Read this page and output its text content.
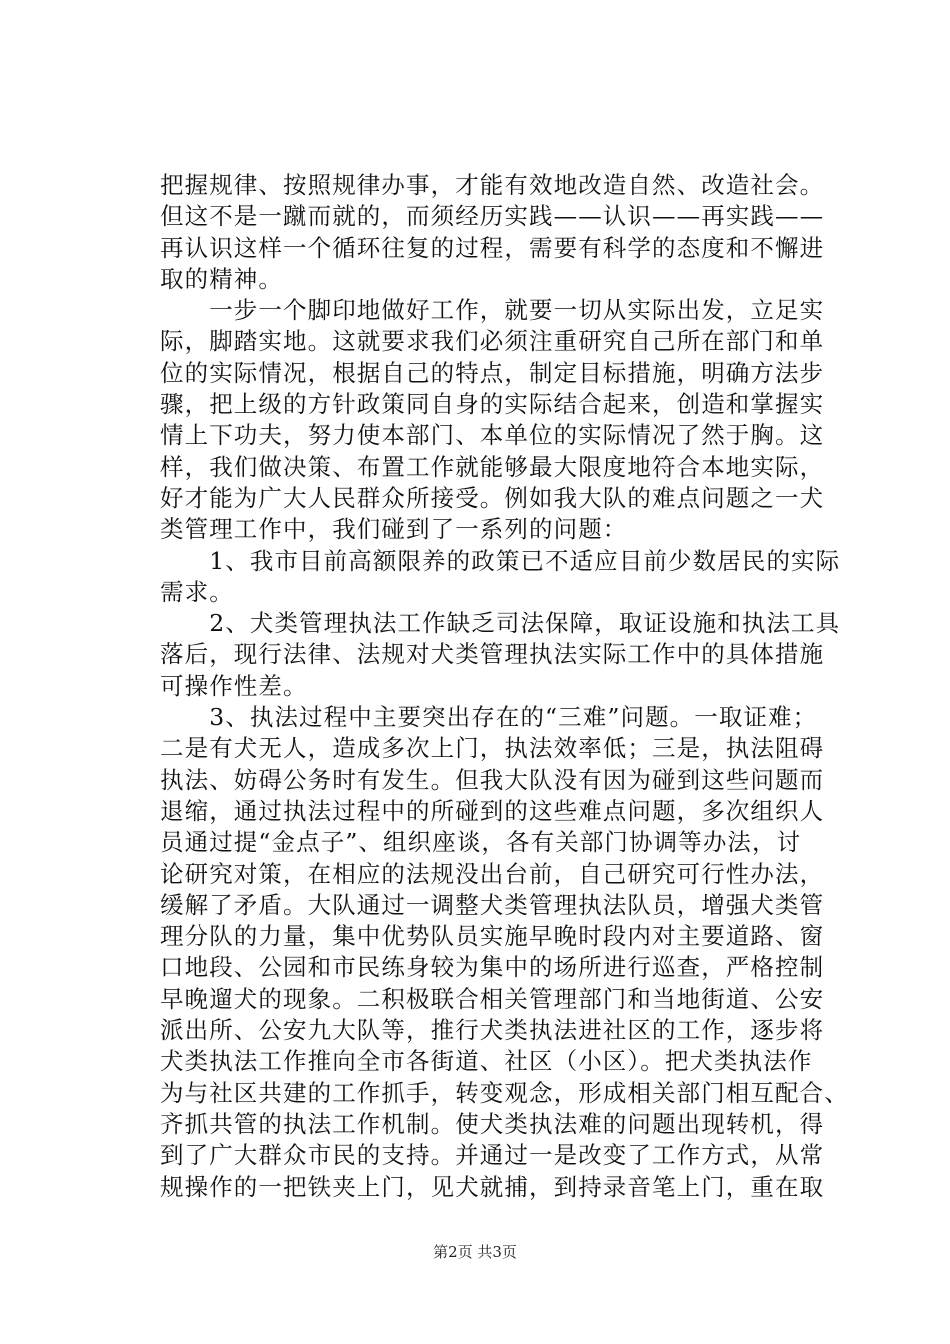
把握规律、按照规律办事，才能有效地改造自然、改造社会。
但这不是一蹴而就的，而须经历实践——认识——再实践——
再认识这样一个循环往复的过程，需要有科学的态度和不懈进
取的精神。
　　一步一个脚印地做好工作，就要一切从实际出发，立足实
际，脚踏实地。这就要求我们必须注重研究自己所在部门和单
位的实际情况，根据自己的特点，制定目标措施，明确方法步
骤，把上级的方针政策同自身的实际结合起来，创造和掌握实
情上下功夫，努力使本部门、本单位的实际情况了然于胸。这
样，我们做决策、布置工作就能够最大限度地符合本地实际，
好才能为广大人民群众所接受。例如我大队的难点问题之一犬
类管理工作中，我们碰到了一系列的问题：
　　1、我市目前高额限养的政策已不适应目前少数居民的实际
需求。
　　2、犬类管理执法工作缺乏司法保障，取证设施和执法工具
落后，现行法律、法规对犬类管理执法实际工作中的具体措施
可操作性差。
　　3、执法过程中主要突出存在的“三难”问题。一取证难；
二是有犬无人，造成多次上门，执法效率低；三是，执法阻碍
执法、妨碍公务时有发生。但我大队没有因为碰到这些问题而
退缩，通过执法过程中的所碰到的这些难点问题，多次组织人
员通过提“金点子”、组织座谈，各有关部门协调等办法，讨
论研究对策，在相应的法规没出台前，自己研究可行性办法，
缓解了矛盾。大队通过一调整犬类管理执法队员，增强犬类管
理分队的力量，集中优势队员实施早晚时段内对主要道路、窗
口地段、公园和市民练身较为集中的场所进行巡查，严格控制
早晚遛犬的现象。二积极联合相关管理部门和当地街道、公安
派出所、公安九大队等，推行犬类执法进社区的工作，逐步将
犬类执法工作推向全市各街道、社区（小区）。把犬类执法作
为与社区共建的工作抓手，转变观念，形成相关部门相互配合、
齐抓共管的执法工作机制。使犬类执法难的问题出现转机，得
到了广大群众市民的支持。并通过一是改变了工作方式，从常
规操作的一把铁夹上门，见犬就捕，到持录音笔上门，重在取
第2页 共3页
